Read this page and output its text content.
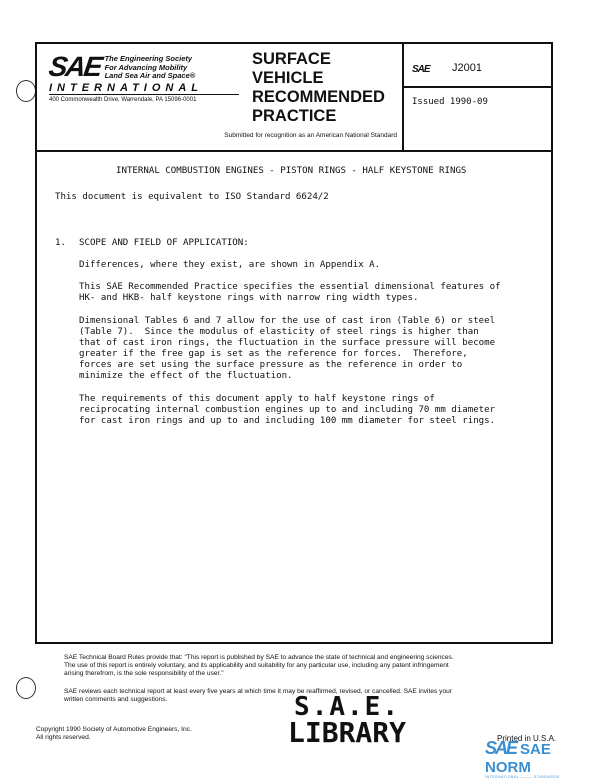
SAE The Engineering Society
For Advancing Mobility
Land Sea Air and Space®
INTERNATIONAL
400 Commonwealth Drive, Warrendale, PA 15096-0001
SURFACE
VEHICLE
RECOMMENDED
PRACTICE
Submitted for recognition as an American National Standard
SAE J2001
Issued 1990-09
INTERNAL COMBUSTION ENGINES - PISTON RINGS - HALF KEYSTONE RINGS
This document is equivalent to ISO Standard 6624/2
1. SCOPE AND FIELD OF APPLICATION:
Differences, where they exist, are shown in Appendix A.
This SAE Recommended Practice specifies the essential dimensional features of
HK- and HKB- half keystone rings with narrow ring width types.
Dimensional Tables 6 and 7 allow for the use of cast iron (Table 6) or steel
(Table 7).  Since the modulus of elasticity of steel rings is higher than
that of cast iron rings, the fluctuation in the surface pressure will become
greater if the free gap is set as the reference for forces.  Therefore,
forces are set using the surface pressure as the reference in order to
minimize the effect of the fluctuation.
The requirements of this document apply to half keystone rings of
reciprocating internal combustion engines up to and including 70 mm diameter
for cast iron rings and up to and including 100 mm diameter for steel rings.
SAE Technical Board Rules provide that: "This report is published by SAE to advance the state of technical and engineering sciences.
The use of this report is entirely voluntary, and its applicability and suitability for any particular use, including any patent infringement
arising therefrom, is the sole responsibility of the user."
SAE reviews each technical report at least every five years at which time it may be reaffirmed, revised, or cancelled. SAE invites your
written comments and suggestions.
Copyright 1990 Society of Automotive Engineers, Inc.
All rights reserved.
S.A.E.
LIBRARY	SAE SAE NORM
INTERNATIONAL ——— STANDARDS
Printed in U.S.A.
